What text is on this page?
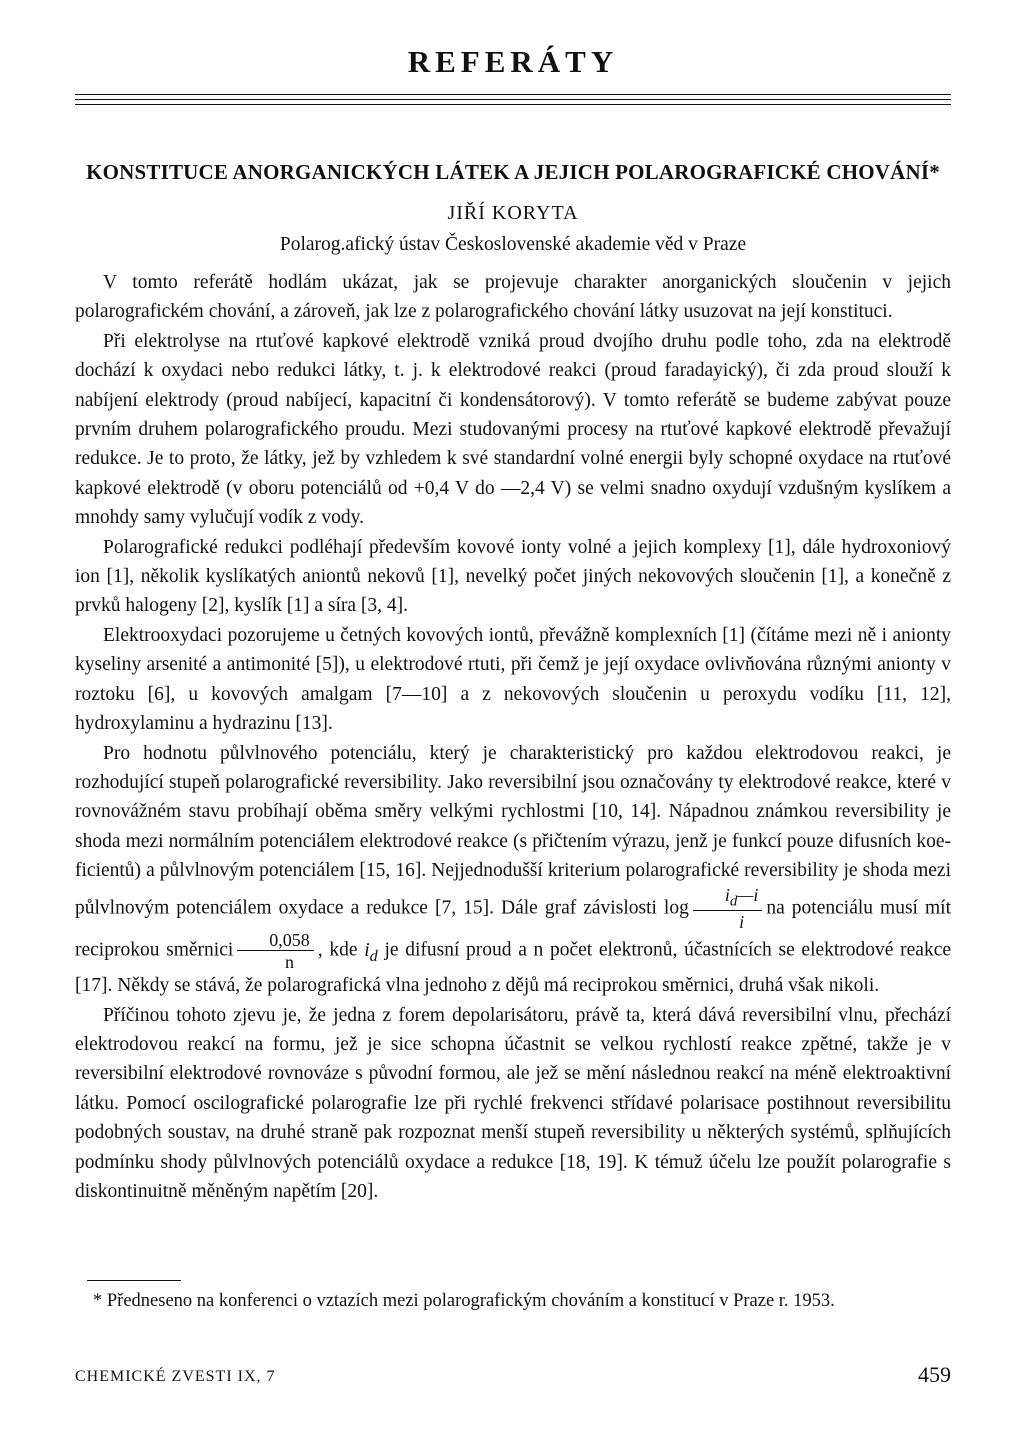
REFERÁTY
KONSTITUCE ANORGANICKÝCH LÁTEK A JEJICH POLAROGRAFICKÉ CHOVÁNÍ*
JIŘÍ KORYTA
Polarog.afický ústav Československé akademie věd v Praze

V tomto referátě hodlám ukázat, jak se projevuje charakter anorganických sloučenin v jejich polarografickém chování, a zároveň, jak lze z polarografického chování látky usuzovat na její konstituci.

Při elektrolyse na rtuťové kapkové elektrodě vzniká proud dvojího druhu podle toho, zda na elektrodě dochází k oxydaci nebo redukci látky, t. j. k elektrodové reakci (proud faradayický), či zda proud slouží k nabíjení elektrody (proud nabíjecí, kapacitní či kondensátorový). V tomto referátě se budeme zabývat pouze prvním druhem polarografického proudu. Mezi studovanými procesy na rtuťové kapkové elektrodě převažují redukce. Je to proto, že látky, jež by vzhledem k své standardní volné energii byly schopné oxydace na rtuťové kapkové elektrodě (v oboru potenciálů od +0,4 V do —2,4 V) se velmi snadno oxydují vzdušným kyslíkem a mnohdy samy vylučují vodík z vody.

Polarografické redukci podléhají především kovové ionty volné a jejich komplexy [1], dále hydroxoniový ion [1], několik kyslíkatých aniontů nekovů [1], nevelký počet jiných nekovových sloučenin [1], a konečně z prvků halogeny [2], kyslík [1] a síra [3, 4].

Elektrooxydaci pozorujeme u četných kovových iontů, převážně komplexních [1] (čítáme mezi ně i anionty kyseliny arsenité a antimonité [5]), u elektrodové rtuti, při čemž je její oxydace ovlivňována různými anionty v roztoku [6], u kovových amalgam [7—10] a z nekovových sloučenin u peroxydu vodíku [11, 12], hydroxylaminu a hydrazinu [13].

Pro hodnotu půlvlnového potenciálu, který je charakteristický pro každou elektrodovou reakci, je rozhodující stupeň polarografické reversibility. Jako reversibilní jsou označovány ty elektrodové reakce, které v rovnovážném stavu probíhají oběma směry velkými rychlostmi [10, 14]. Nápadnou známkou reversibility je shoda mezi normálním potenciálem elektrodové reakce (s přičtením výrazu, jenž je funkcí pouze difusních koeficientů) a půlvlnovým potenciálem [15, 16]. Nejjednodušší kriterium polarografické reversibility je shoda mezi půlvlnovým potenciálem oxydace a redukce [7, 15]. Dále graf závislosti $\log \frac{i_d—i}{i}$ na potenciálu musí mít reciprokou směrnici $\frac{0,058}{n}$ , kde $i_d$ je difusní proud a n počet elektronů, účastnících se elektrodové reakce [17]. Někdy se stává, že polarografická vlna jednoho z dějů má reciprokou směrnici, druhá však nikoli.

Příčinou tohoto zjevu je, že jedna z forem depolarisátoru, právě ta, která dává reversibilní vlnu, přechází elektrodovou reakcí na formu, jež je sice schopna účastnit se velkou rychlostí reakce zpětné, takže je v reversibilní elektrodové rovnováze s původní formou, ale jež se mění následnou reakcí na méně elektroaktivní látku. Pomocí oscilografické polarografie lze při rychlé frekvenci střídavé polarisace postihnout reversibilitu podobných soustav, na druhé straně pak rozpoznat menší stupeň reversibility u některých systémů, splňujících podmínku shody půlvlnových potenciálů oxydace a redukce [18, 19]. K témuž účelu lze použít polarografie s diskontinuitně měněným napětím [20].

* Předneseno na konferenci o vztazích mezi polarografickým chováním a konstitucí v Praze r. 1953.
CHEMICKÉ ZVESTI IX, 7	459
